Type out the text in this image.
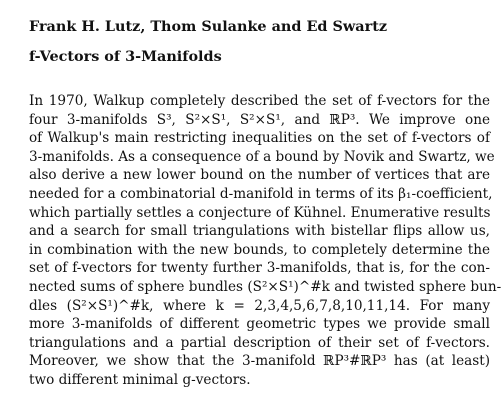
Frank H. Lutz, Thom Sulanke and Ed Swartz
f-Vectors of 3-Manifolds
In 1970, Walkup completely described the set of f-vectors for the
four 3-manifolds S³, S²×S¹, S²×S¹, and ℝP³. We improve one
of Walkup's main restricting inequalities on the set of f-vectors of
3-manifolds. As a consequence of a bound by Novik and Swartz, we
also derive a new lower bound on the number of vertices that are
needed for a combinatorial d-manifold in terms of its β₁-coefficient,
which partially settles a conjecture of Kühnel. Enumerative results
and a search for small triangulations with bistellar flips allow us,
in combination with the new bounds, to completely determine the
set of f-vectors for twenty further 3-manifolds, that is, for the con-
nected sums of sphere bundles (S²×S¹)^#k and twisted sphere bun-
dles (S²×S¹)^#k, where k = 2,3,4,5,6,7,8,10,11,14. For many
more 3-manifolds of different geometric types we provide small
triangulations and a partial description of their set of f-vectors.
Moreover, we show that the 3-manifold ℝP³#ℝP³ has (at least)
two different minimal g-vectors.
